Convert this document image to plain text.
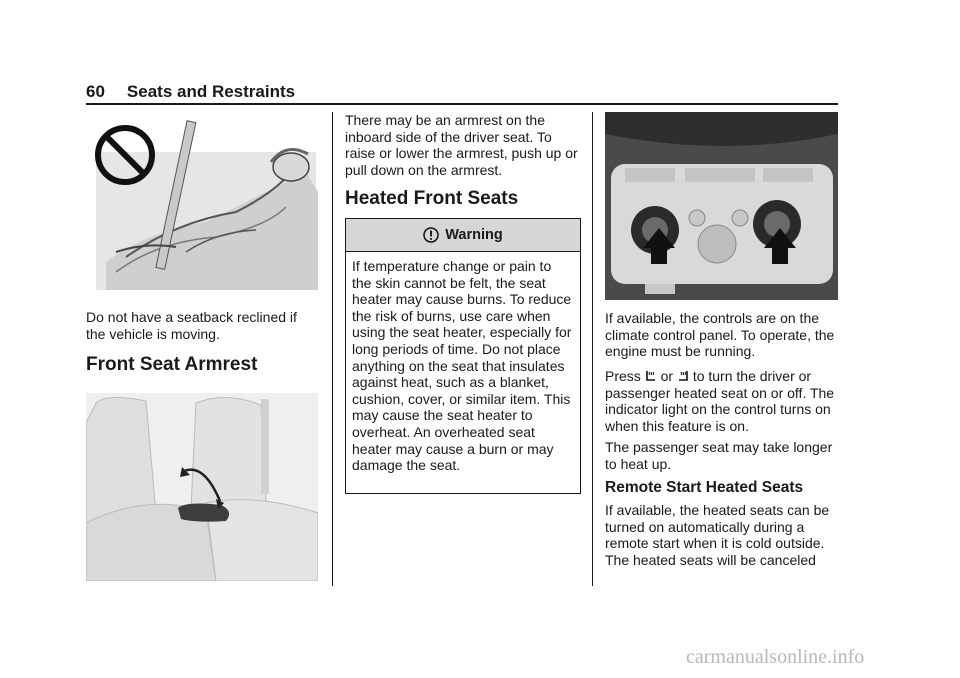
60 Seats and Restraints
Do not have a seatback reclined if the vehicle is moving.
Front Seat Armrest
There may be an armrest on the inboard side of the driver seat. To raise or lower the armrest, push up or pull down on the armrest.
Heated Front Seats
Warning
If temperature change or pain to the skin cannot be felt, the seat heater may cause burns. To reduce the risk of burns, use care when using the seat heater, especially for long periods of time. Do not place anything on the seat that insulates against heat, such as a blanket, cushion, cover, or similar item. This may cause the seat heater to overheat. An overheated seat heater may cause a burn or may damage the seat.
If available, the controls are on the climate control panel. To operate, the engine must be running.
Press or to turn the driver or passenger heated seat on or off. The indicator light on the control turns on when this feature is on.
The passenger seat may take longer to heat up.
Remote Start Heated Seats
If available, the heated seats can be turned on automatically during a remote start when it is cold outside. The heated seats will be canceled
carmanualsonline.info
